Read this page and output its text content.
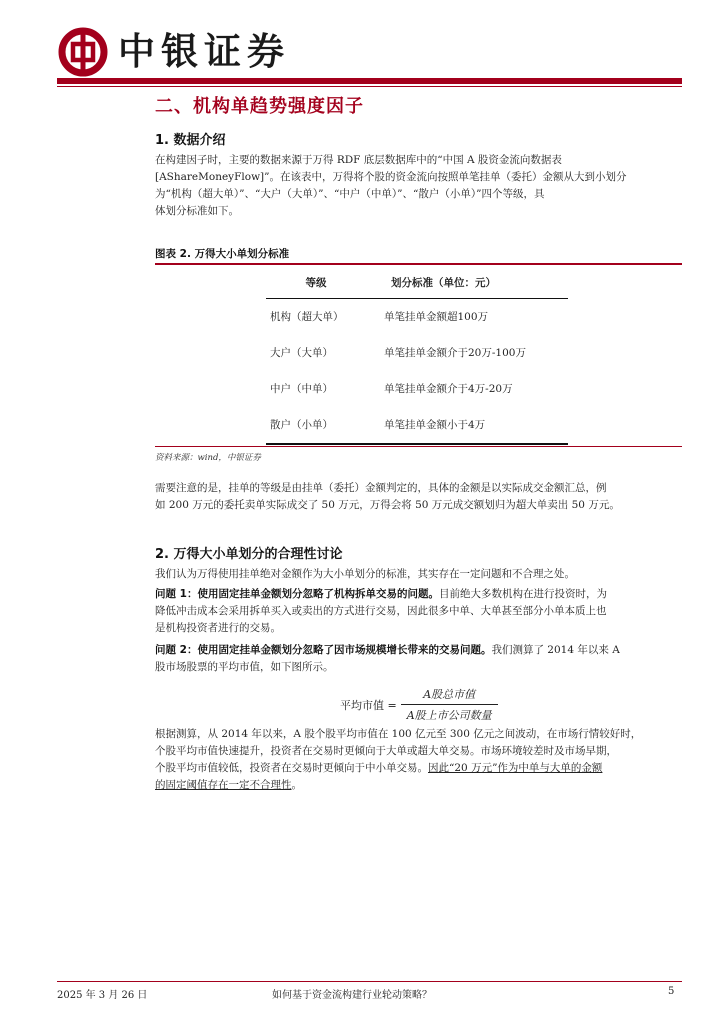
中银证券
二、机构单趋势强度因子
1. 数据介绍
在构建因子时，主要的数据来源于万得 RDF 底层数据库中的“中国 A 股资金流向数据表
[AShareMoneyFlow]”。在该表中，万得将个股的资金流向按照单笔挂单（委托）金额从大到小划分
为“机构（超大单）”、“大户（大单）”、“中户（中单）”、“散户（小单）”四个等级，具
体划分标准如下。
图表 2. 万得大小单划分标准
等级	划分标准（单位：元）
机构（超大单）	单笔挂单金额超100万
大户（大单）	单笔挂单金额介于20万-100万
中户（中单）	单笔挂单金额介于4万-20万
散户（小单）	单笔挂单金额小于4万
资料来源：wind，中银证券
需要注意的是，挂单的等级是由挂单（委托）金额判定的，具体的金额是以实际成交金额汇总，例
如 200 万元的委托卖单实际成交了 50 万元，万得会将 50 万元成交额划归为超大单卖出 50 万元。
2. 万得大小单划分的合理性讨论
我们认为万得使用挂单绝对金额作为大小单划分的标准，其实存在一定问题和不合理之处。
问题 1：使用固定挂单金额划分忽略了机构拆单交易的问题。目前绝大多数机构在进行投资时，为
降低冲击成本会采用拆单买入或卖出的方式进行交易，因此很多中单、大单甚至部分小单本质上也
是机构投资者进行的交易。
问题 2：使用固定挂单金额划分忽略了因市场规模增长带来的交易问题。我们测算了 2014 年以来 A
股市场股票的平均市值，如下图所示。
平均市值 = $\frac{\text{A股总市值}}{\text{A股上市公司数量}}$
根据测算，从 2014 年以来，A 股个股平均市值在 100 亿元至 300 亿元之间波动，在市场行情较好时，
个股平均市值快速提升，投资者在交易时更倾向于大单或超大单交易。市场环境较差时及市场早期，
个股平均市值较低，投资者在交易时更倾向于中小单交易。因此“20 万元”作为中单与大单的金额
的固定阈值存在一定不合理性。
2025 年 3 月 26 日	如何基于资金流构建行业轮动策略？	5
